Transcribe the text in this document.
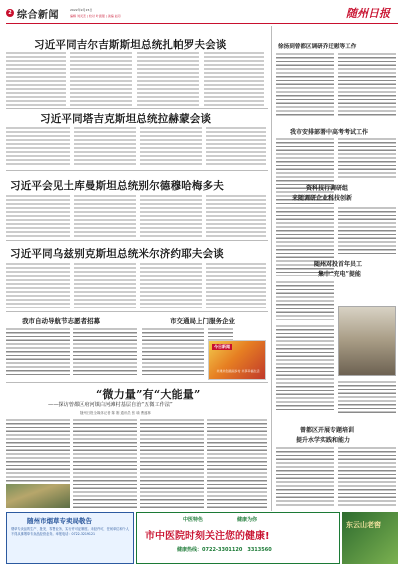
2 综合新闻	2022年9月15日
编辑 刘灵恋 | 校对 叶振强 | 美编 赵丹	随州日报
习近平同吉尔吉斯斯坦总统扎帕罗夫会谈
习近平同塔吉克斯坦总统拉赫蒙会谈
习近平会见土库曼斯坦总统别尔德穆哈梅多夫
习近平同乌兹别克斯坦总统米尔济约耶夫会谈
我市自动导航节志愿者招募	市交通局上门服务企业
今日新闻
共建共创美丽乡村 共享幸福生活
“微力量”有“大能量”
——探访曾都区府河镇白河滩村基层自治“五微工作法”
随州日报全媒体记者 陈 刚 通讯员 张 瑜 曹盛林
徐扬到曾都区调研乔迁慰等工作
我市安排部署中高考考试工作
资科技行调研组
来随调研企业科技创新
随州对投首年员工
集中“充电”提能
曾都区开展专题培训
提升水学实践和能力
随州市烟草专卖局敬告
烟草专卖品的生产、批发、零售业务，实行许可证制度。未经许可，任何单位和个人不得从事烟草专卖品经营业务。举报电话：0722-3219121
中医特色	健康为你
市中医院时刻关注您的健康!
健康热线：0722-3301120　3313560
东云山老窖
